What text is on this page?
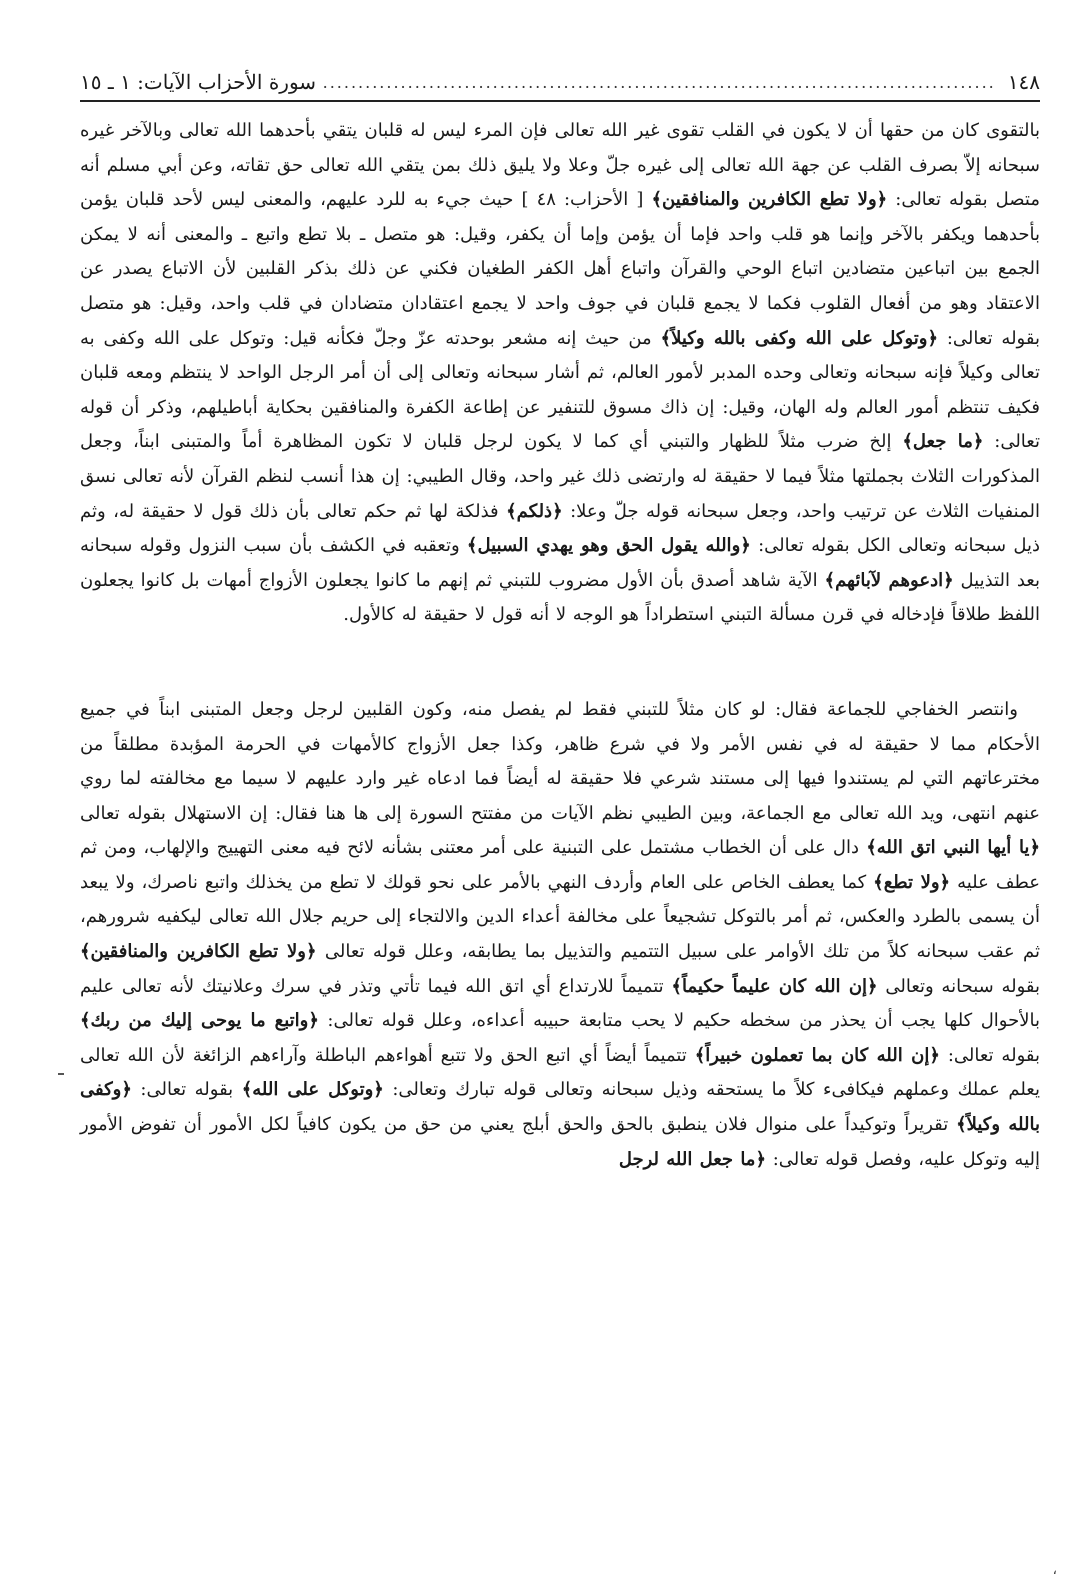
١٤٨
.....
سورة الأحزاب الآيات: ١ ـ ١٥

بالتقوى كان من حقها أن لا يكون في القلب تقوى غير الله تعالى فإن المرء ليس له قلبان يتقي بأحدهما الله تعالى وبالآخر غيره سبحانه إلاّ بصرف القلب عن جهة الله تعالى إلى غيره جلّ وعلا ولا يليق ذلك بمن يتقي الله تعالى حق تقاته، وعن أبي مسلم أنه متصل بقوله تعالى: ﴿ولا تطع الكافرين والمنافقين﴾ [ الأحزاب: ٤٨ ] حيث جيء به للرد عليهم، والمعنى ليس لأحد قلبان يؤمن بأحدهما ويكفر بالآخر وإنما هو قلب واحد فإما أن يؤمن وإما أن يكفر، وقيل: هو متصل ـ بلا تطع واتبع ـ والمعنى أنه لا يمكن الجمع بين اتباعين متضادين اتباع الوحي والقرآن واتباع أهل الكفر الطغيان فكني عن ذلك بذكر القلبين لأن الاتباع يصدر عن الاعتقاد وهو من أفعال القلوب فكما لا يجمع قلبان في جوف واحد لا يجمع اعتقادان متضادان في قلب واحد، وقيل: هو متصل بقوله تعالى: ﴿وتوكل على الله وكفى بالله وكيلاً﴾ من حيث إنه مشعر بوحدته عزّ وجلّ فكأنه قيل: وتوكل على الله وكفى به تعالى وكيلاً فإنه سبحانه وتعالى وحده المدبر لأمور العالم، ثم أشار سبحانه وتعالى إلى أن أمر الرجل الواحد لا ينتظم ومعه قلبان فكيف تنتظم أمور العالم وله الهان، وقيل: إن ذاك مسوق للتنفير عن إطاعة الكفرة والمنافقين بحكاية أباطيلهم، وذكر أن قوله تعالى: ﴿ما جعل﴾ إلخ ضرب مثلاً للظهار والتبني أي كما لا يكون لرجل قلبان لا تكون المظاهرة أماً والمتبنى ابناً، وجعل المذكورات الثلاث بجملتها مثلاً فيما لا حقيقة له وارتضى ذلك غير واحد، وقال الطيبي: إن هذا أنسب لنظم القرآن لأنه تعالى نسق المنفيات الثلاث عن ترتيب واحد، وجعل سبحانه قوله جلّ وعلا: ﴿ذلكم﴾ فذلكة لها ثم حكم تعالى بأن ذلك قول لا حقيقة له، وثم ذيل سبحانه وتعالى الكل بقوله تعالى: ﴿والله يقول الحق وهو يهدي السبيل﴾ وتعقبه في الكشف بأن سبب النزول وقوله سبحانه بعد التذييل ﴿ادعوهم لآبائهم﴾ الآية شاهد أصدق بأن الأول مضروب للتبني ثم إنهم ما كانوا يجعلون الأزواج أمهات بل كانوا يجعلون اللفظ طلاقاً فإدخاله في قرن مسألة التبني استطراداً هو الوجه لا أنه قول لا حقيقة له كالأول.

وانتصر الخفاجي للجماعة فقال: لو كان مثلاً للتبني فقط لم يفصل منه، وكون القلبين لرجل وجعل المتبنى ابناً في جميع الأحكام مما لا حقيقة له في نفس الأمر ولا في شرع ظاهر، وكذا جعل الأزواج كالأمهات في الحرمة المؤبدة مطلقاً من مخترعاتهم التي لم يستندوا فيها إلى مستند شرعي فلا حقيقة له أيضاً فما ادعاه غير وارد عليهم لا سيما مع مخالفته لما روي عنهم انتهى، ويد الله تعالى مع الجماعة، وبين الطيبي نظم الآيات من مفتتح السورة إلى ها هنا فقال: إن الاستهلال بقوله تعالى ﴿يا أيها النبي اتق الله﴾ دال على أن الخطاب مشتمل على التبنية على أمر معتنى بشأنه لائح فيه معنى التهييج والإلهاب، ومن ثم عطف عليه ﴿ولا تطع﴾ كما يعطف الخاص على العام وأردف النهي بالأمر على نحو قولك لا تطع من يخذلك واتبع ناصرك، ولا يبعد أن يسمى بالطرد والعكس، ثم أمر بالتوكل تشجيعاً على مخالفة أعداء الدين والالتجاء إلى حريم جلال الله تعالى ليكفيه شرورهم، ثم عقب سبحانه كلاً من تلك الأوامر على سبيل التتميم والتذييل بما يطابقه، وعلل قوله تعالى ﴿ولا تطع الكافرين والمنافقين﴾ بقوله سبحانه وتعالى ﴿إن الله كان عليماً حكيماً﴾ تتميماً للارتداع أي اتق الله فيما تأتي وتذر في سرك وعلانيتك لأنه تعالى عليم بالأحوال كلها يجب أن يحذر من سخطه حكيم لا يحب متابعة حبيبه أعداءه، وعلل قوله تعالى: ﴿واتبع ما يوحى إليك من ربك﴾ بقوله تعالى: ﴿إن الله كان بما تعملون خبيراً﴾ تتميماً أيضاً أي اتبع الحق ولا تتبع أهواءهم الباطلة وآراءهم الزائغة لأن الله تعالى يعلم عملك وعملهم فيكافىء كلاً ما يستحقه وذيل سبحانه وتعالى قوله تبارك وتعالى: ﴿وتوكل على الله﴾ بقوله تعالى: ﴿وكفى بالله وكيلاً﴾ تقريراً وتوكيداً على منوال فلان ينطبق بالحق والحق أبلج يعني من حق من يكون كافياً لكل الأمور أن تفوض الأمور إليه وتوكل عليه، وفصل قوله تعالى: ﴿ما جعل الله لرجل

،
